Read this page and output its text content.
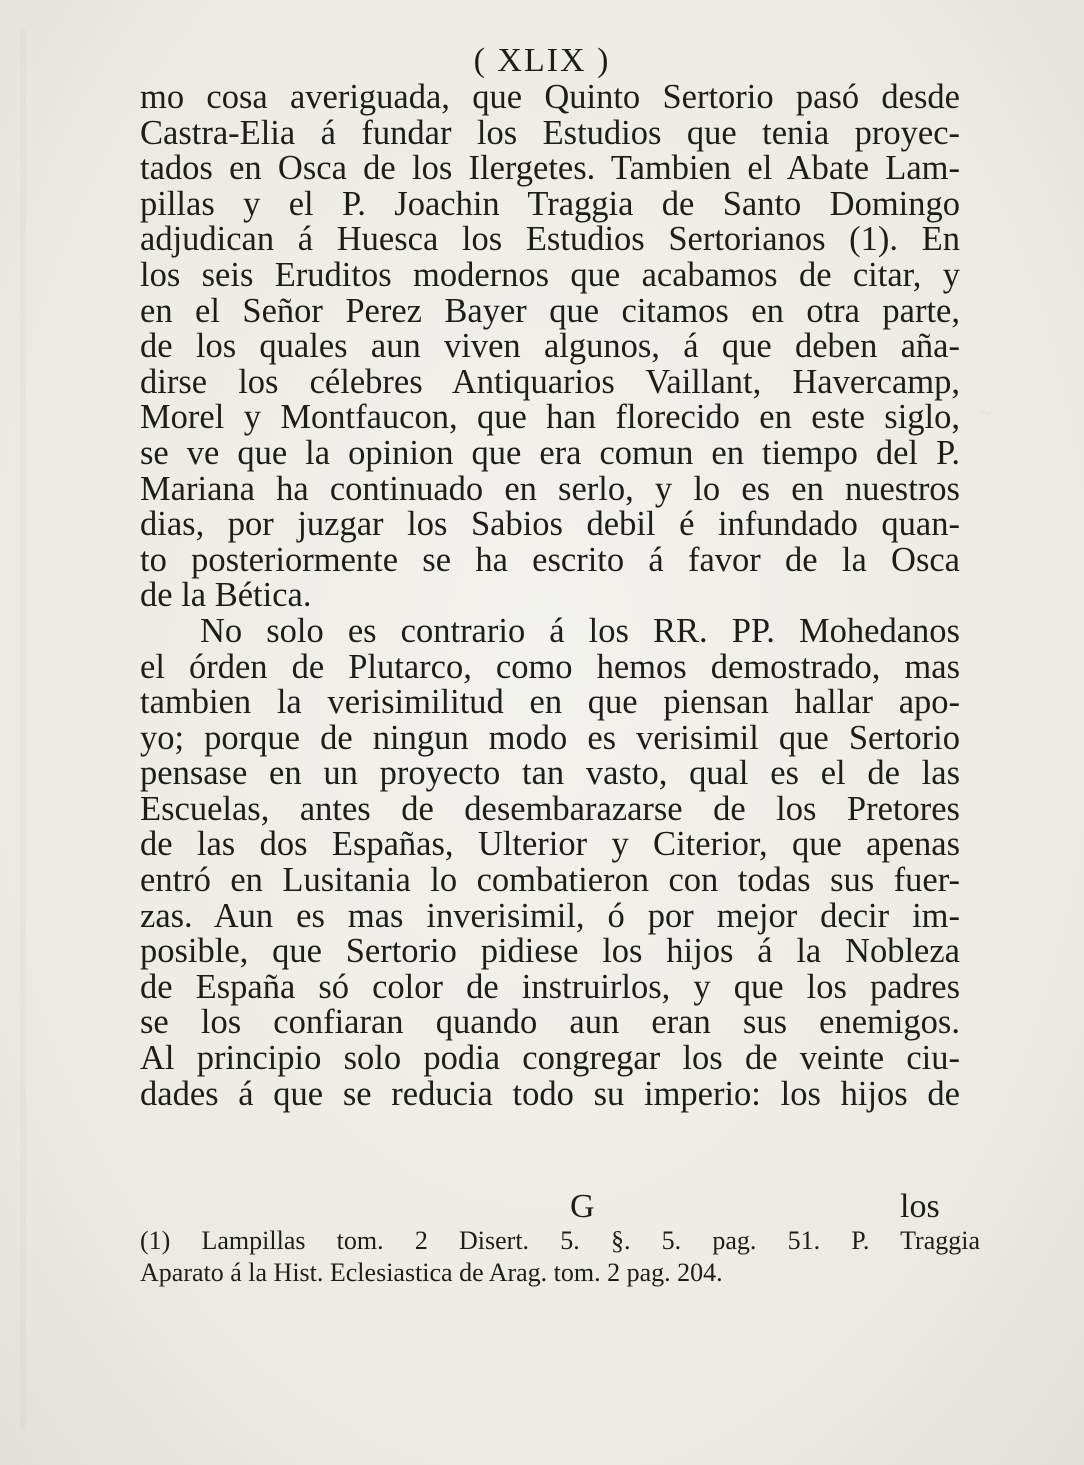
~
( XLIX )
mo cosa averiguada, que Quinto Sertorio pasó desde
Castra-Elia á fundar los Estudios que tenia proyec-
tados en Osca de los Ilergetes. Tambien el Abate Lam-
pillas y el P. Joachin Traggia de Santo Domingo
adjudican á Huesca los Estudios Sertorianos (1). En
los seis Eruditos modernos que acabamos de citar, y
en el Señor Perez Bayer que citamos en otra parte,
de los quales aun viven algunos, á que deben aña-
dirse los célebres Antiquarios Vaillant, Havercamp,
Morel y Montfaucon, que han florecido en este siglo,
se ve que la opinion que era comun en tiempo del P.
Mariana ha continuado en serlo, y lo es en nuestros
dias, por juzgar los Sabios debil é infundado quan-
to posteriormente se ha escrito á favor de la Osca
de la Bética.
No solo es contrario á los RR. PP. Mohedanos
el órden de Plutarco, como hemos demostrado, mas
tambien la verisimilitud en que piensan hallar apo-
yo; porque de ningun modo es verisimil que Sertorio
pensase en un proyecto tan vasto, qual es el de las
Escuelas, antes de desembarazarse de los Pretores
de las dos Españas, Ulterior y Citerior, que apenas
entró en Lusitania lo combatieron con todas sus fuer-
zas. Aun es mas inverisimil, ó por mejor decir im-
posible, que Sertorio pidiese los hijos á la Nobleza
de España só color de instruirlos, y que los padres
se los confiaran quando aun eran sus enemigos.
Al principio solo podia congregar los de veinte ciu-
dades á que se reducia todo su imperio: los hijos de
G	los
(1) Lampillas tom. 2 Disert. 5. §. 5. pag. 51. P. Traggia
Aparato á la Hist. Eclesiastica de Arag. tom. 2 pag. 204.
